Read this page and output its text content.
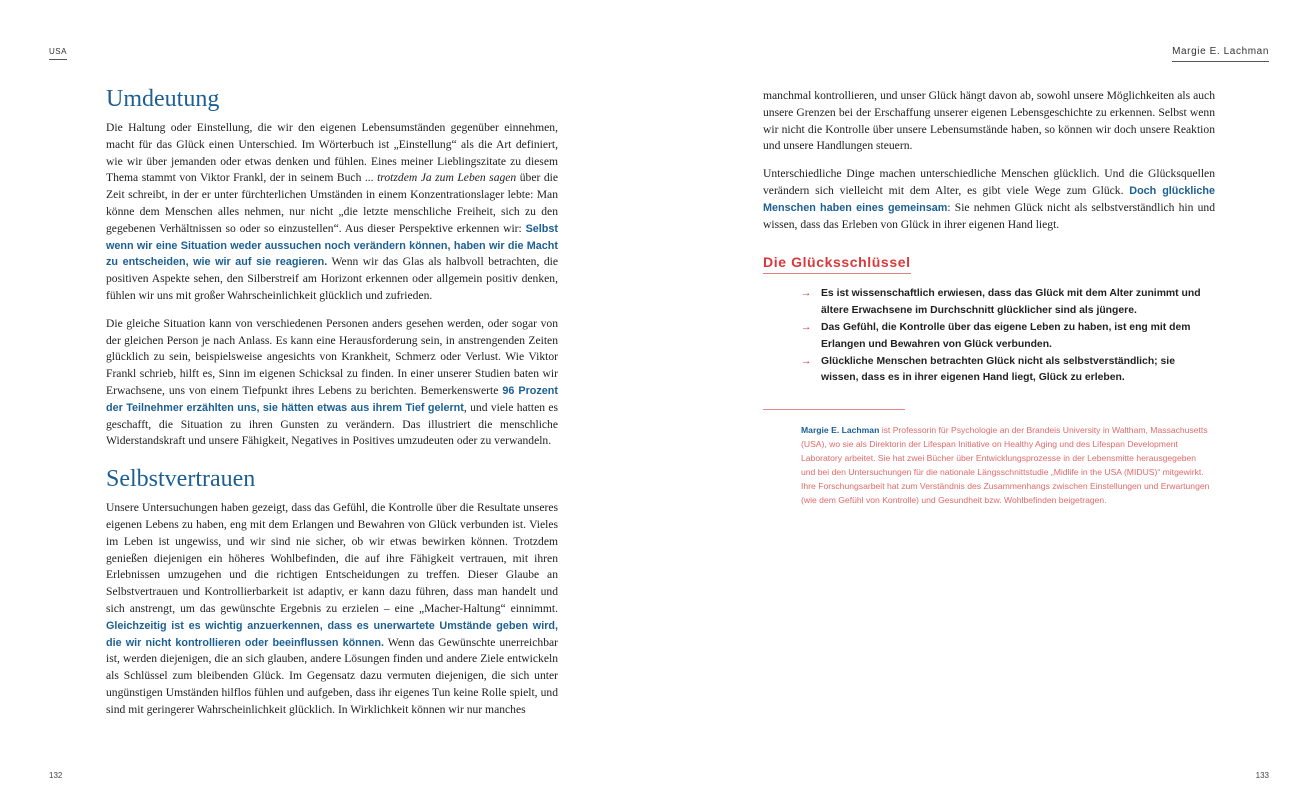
USA
Umdeutung

Die Haltung oder Einstellung, die wir den eigenen Lebensumständen gegenüber einnehmen, macht für das Glück einen Unterschied. Im Wörterbuch ist „Einstellung“ als die Art definiert, wie wir über jemanden oder etwas denken und fühlen. Eines meiner Lieblingszitate zu diesem Thema stammt von Viktor Frankl, der in seinem Buch ... trotzdem Ja zum Leben sagen über die Zeit schreibt, in der er unter fürchterlichen Umständen in einem Konzentrationslager lebte: Man könne dem Menschen alles nehmen, nur nicht „die letzte menschliche Freiheit, sich zu den gegebenen Verhältnissen so oder so einzustellen“. Aus dieser Perspektive erkennen wir: Selbst wenn wir eine Situation weder aussuchen noch verändern können, haben wir die Macht zu entscheiden, wie wir auf sie reagieren. Wenn wir das Glas als halbvoll betrachten, die positiven Aspekte sehen, den Silberstreif am Horizont erkennen oder allgemein positiv denken, fühlen wir uns mit großer Wahrscheinlichkeit glücklich und zufrieden.

Die gleiche Situation kann von verschiedenen Personen anders gesehen werden, oder sogar von der gleichen Person je nach Anlass. Es kann eine Herausforderung sein, in anstrengenden Zeiten glücklich zu sein, beispielsweise angesichts von Krankheit, Schmerz oder Verlust. Wie Viktor Frankl schrieb, hilft es, Sinn im eigenen Schicksal zu finden. In einer unserer Studien baten wir Erwachsene, uns von einem Tiefpunkt ihres Lebens zu berichten. Bemerkenswerte 96 Prozent der Teilnehmer erzählten uns, sie hätten etwas aus ihrem Tief gelernt, und viele hatten es geschafft, die Situation zu ihren Gunsten zu verändern. Das illustriert die menschliche Widerstandskraft und unsere Fähigkeit, Negatives in Positives umzudeuten oder zu verwandeln.

Selbstvertrauen

Unsere Untersuchungen haben gezeigt, dass das Gefühl, die Kontrolle über die Resultate unseres eigenen Lebens zu haben, eng mit dem Erlangen und Bewahren von Glück verbunden ist. Vieles im Leben ist ungewiss, und wir sind nie sicher, ob wir etwas bewirken können. Trotzdem genießen diejenigen ein höheres Wohlbefinden, die auf ihre Fähigkeit vertrauen, mit ihren Erlebnissen umzugehen und die richtigen Entscheidungen zu treffen. Dieser Glaube an Selbstvertrauen und Kontrollierbarkeit ist adaptiv, er kann dazu führen, dass man handelt und sich anstrengt, um das gewünschte Ergebnis zu erzielen – eine „Macher-Haltung“ einnimmt. Gleichzeitig ist es wichtig anzuerkennen, dass es unerwartete Umstände geben wird, die wir nicht kontrollieren oder beeinflussen können. Wenn das Gewünschte unerreichbar ist, werden diejenigen, die an sich glauben, andere Lösungen finden und andere Ziele entwickeln als Schlüssel zum bleibenden Glück. Im Gegensatz dazu vermuten diejenigen, die sich unter ungünstigen Umständen hilflos fühlen und aufgeben, dass ihr eigenes Tun keine Rolle spielt, und sind mit geringerer Wahrscheinlichkeit glücklich. In Wirklichkeit können wir nur manches

132
Margie E. Lachman

manchmal kontrollieren, und unser Glück hängt davon ab, sowohl unsere Möglichkeiten als auch unsere Grenzen bei der Erschaffung unserer eigenen Lebensgeschichte zu erkennen. Selbst wenn wir nicht die Kontrolle über unsere Lebensumstände haben, so können wir doch unsere Reaktion und unsere Handlungen steuern.

Unterschiedliche Dinge machen unterschiedliche Menschen glücklich. Und die Glücksquellen verändern sich vielleicht mit dem Alter, es gibt viele Wege zum Glück. Doch glückliche Menschen haben eines gemeinsam: Sie nehmen Glück nicht als selbstverständlich hin und wissen, dass das Erleben von Glück in ihrer eigenen Hand liegt.

Die Glücksschlüssel
→ Es ist wissenschaftlich erwiesen, dass das Glück mit dem Alter zunimmt und ältere Erwachsene im Durchschnitt glücklicher sind als jüngere.
→ Das Gefühl, die Kontrolle über das eigene Leben zu haben, ist eng mit dem Erlangen und Bewahren von Glück verbunden.
→ Glückliche Menschen betrachten Glück nicht als selbstverständlich; sie wissen, dass es in ihrer eigenen Hand liegt, Glück zu erleben.
Margie E. Lachman ist Professorin für Psychologie an der Brandeis University in Waltham, Massachusetts (USA), wo sie als Direktorin der Lifespan Initiative on Healthy Aging und des Lifespan Development Laboratory arbeitet. Sie hat zwei Bücher über Entwicklungsprozesse in der Lebensmitte herausgegeben und bei den Untersuchungen für die nationale Längsschnittstudie „Midlife in the USA (MIDUS)“ mitgewirkt. Ihre Forschungsarbeit hat zum Verständnis des Zusammenhangs zwischen Einstellungen und Erwartungen (wie dem Gefühl von Kontrolle) und Gesundheit bzw. Wohlbefinden beigetragen.
133
